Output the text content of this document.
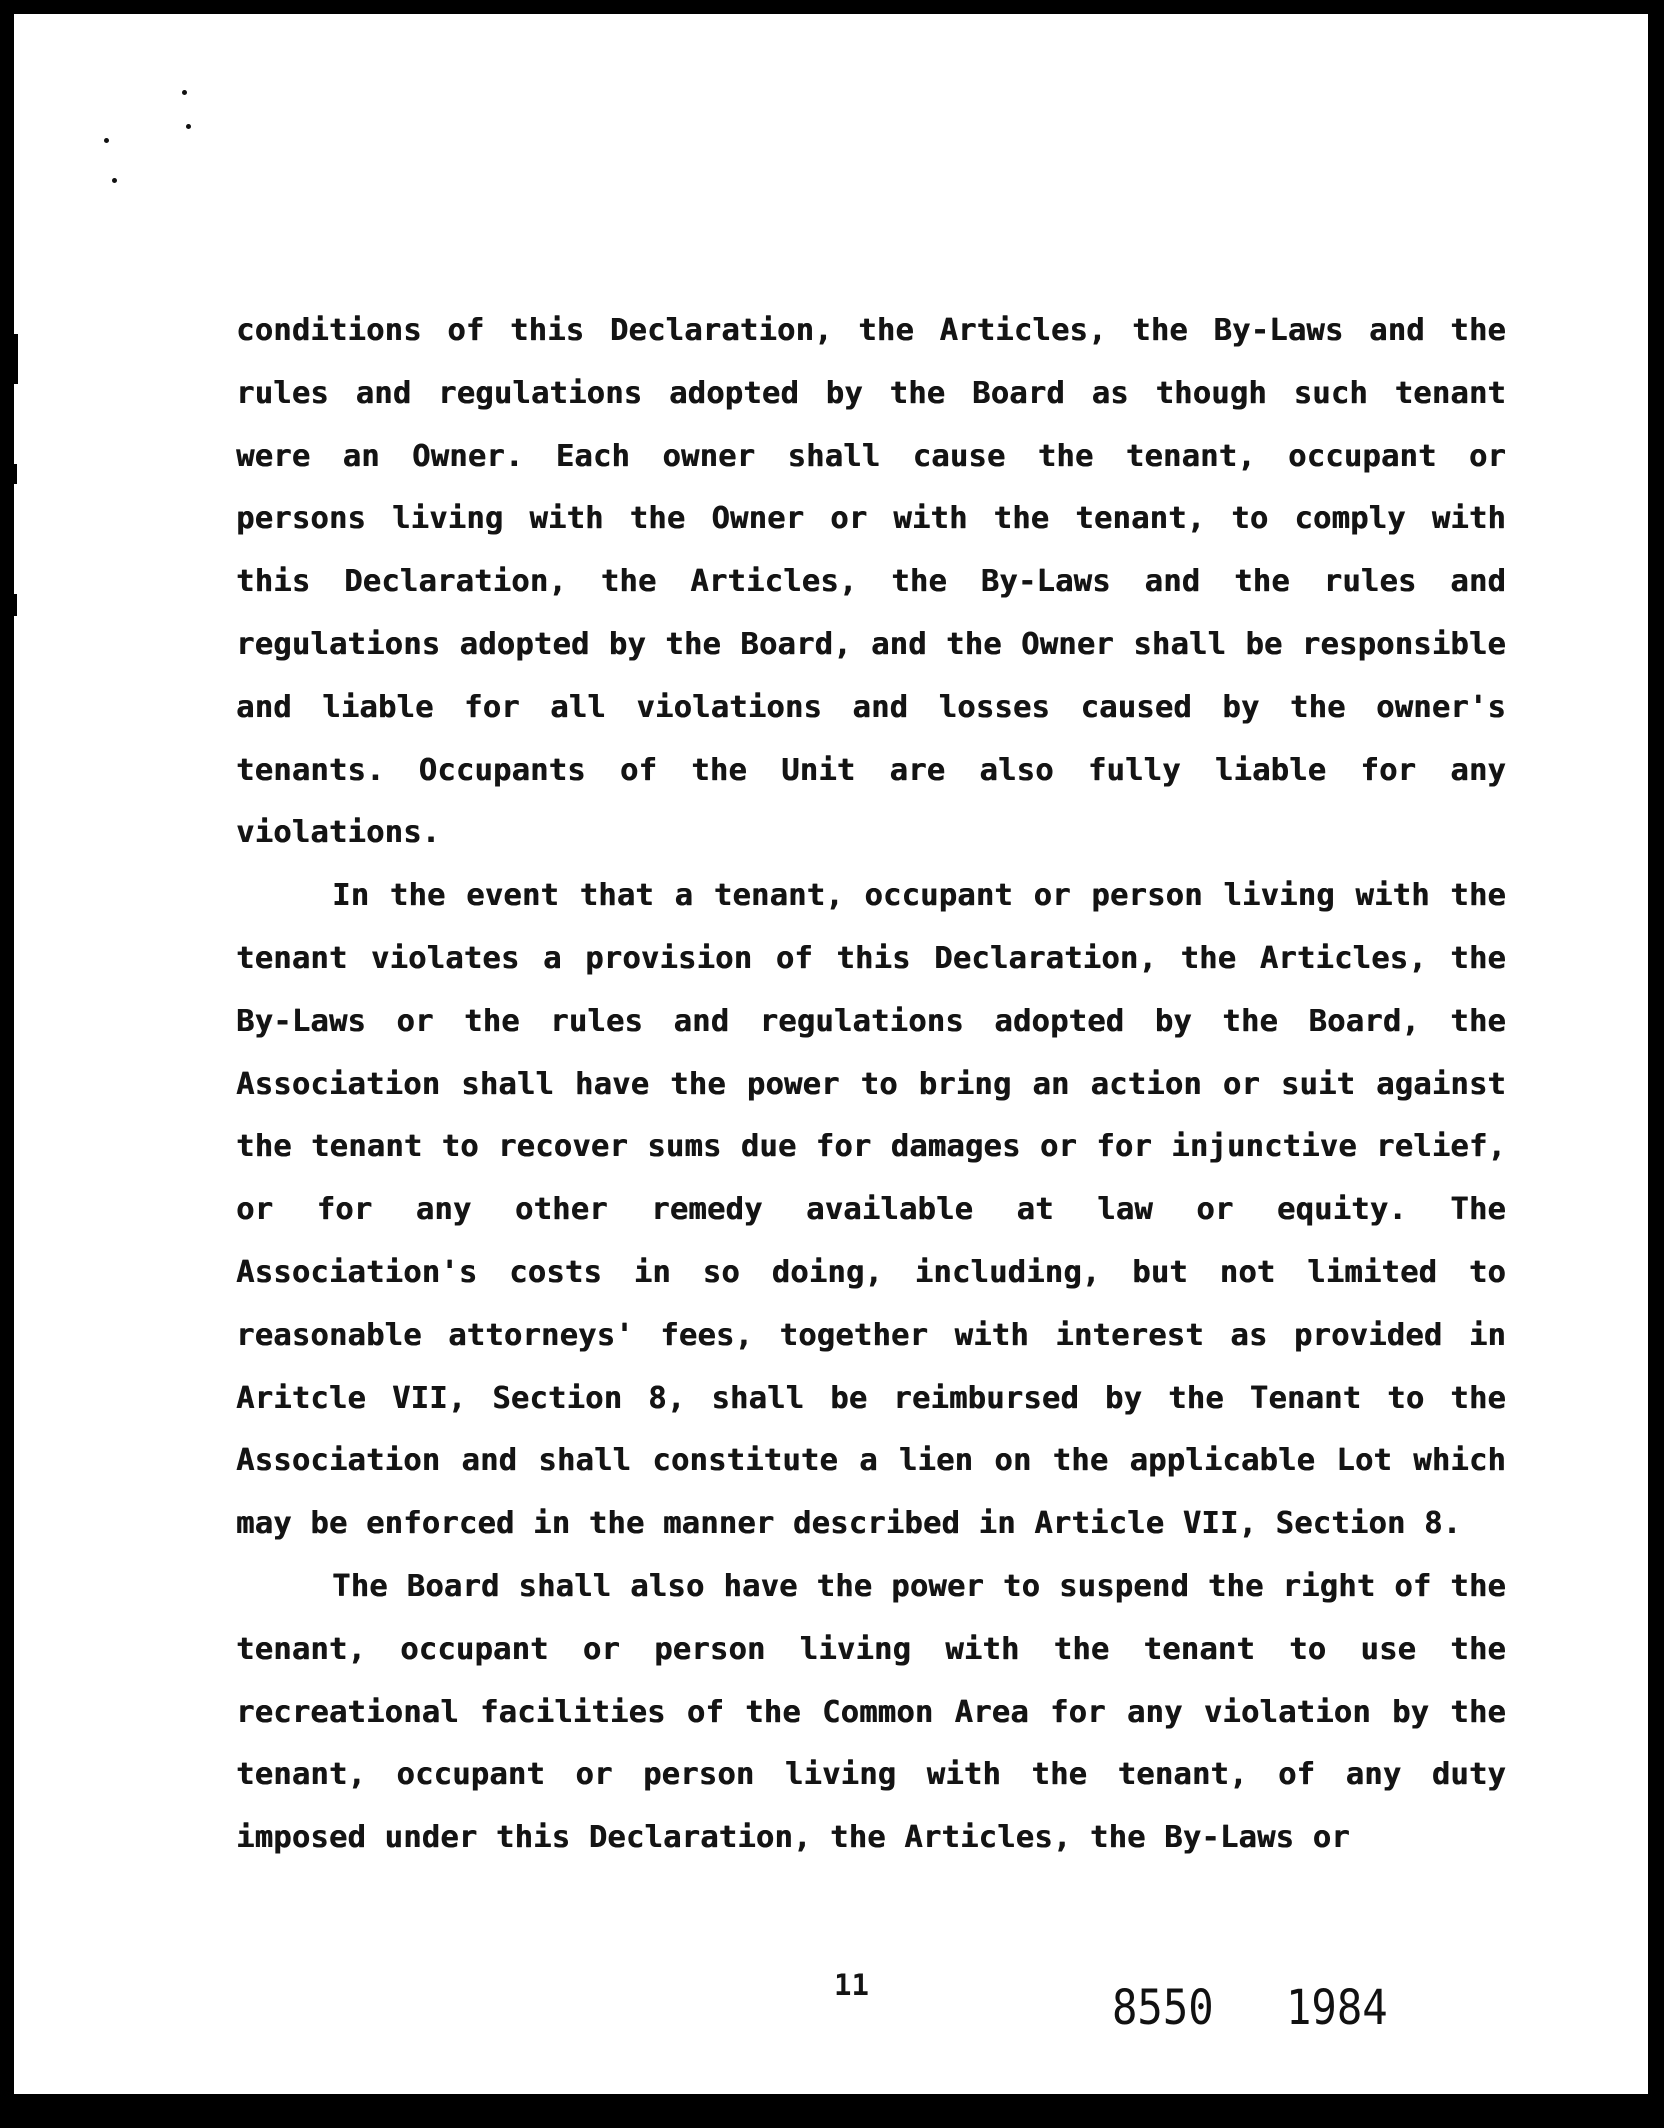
conditions of this Declaration, the Articles, the By-Laws and the rules and regulations adopted by the Board as though such tenant were an Owner. Each owner shall cause the tenant, occupant or persons living with the Owner or with the tenant, to comply with this Declaration, the Articles, the By-Laws and the rules and regulations adopted by the Board, and the Owner shall be responsible and liable for all violations and losses caused by the owner's tenants. Occupants of the Unit are also fully liable for any violations.

In the event that a tenant, occupant or person living with the tenant violates a provision of this Declaration, the Articles, the By-Laws or the rules and regulations adopted by the Board, the Association shall have the power to bring an action or suit against the tenant to recover sums due for damages or for injunctive relief, or for any other remedy available at law or equity. The Association's costs in so doing, including, but not limited to reasonable attorneys' fees, together with interest as provided in Aritcle VII, Section 8, shall be reimbursed by the Tenant to the Association and shall constitute a lien on the applicable Lot which may be enforced in the manner described in Article VII, Section 8.

The Board shall also have the power to suspend the right of the tenant, occupant or person living with the tenant to use the recreational facilities of the Common Area for any violation by the tenant, occupant or person living with the tenant, of any duty imposed under this Declaration, the Articles, the By-Laws or

11	8550 1984
